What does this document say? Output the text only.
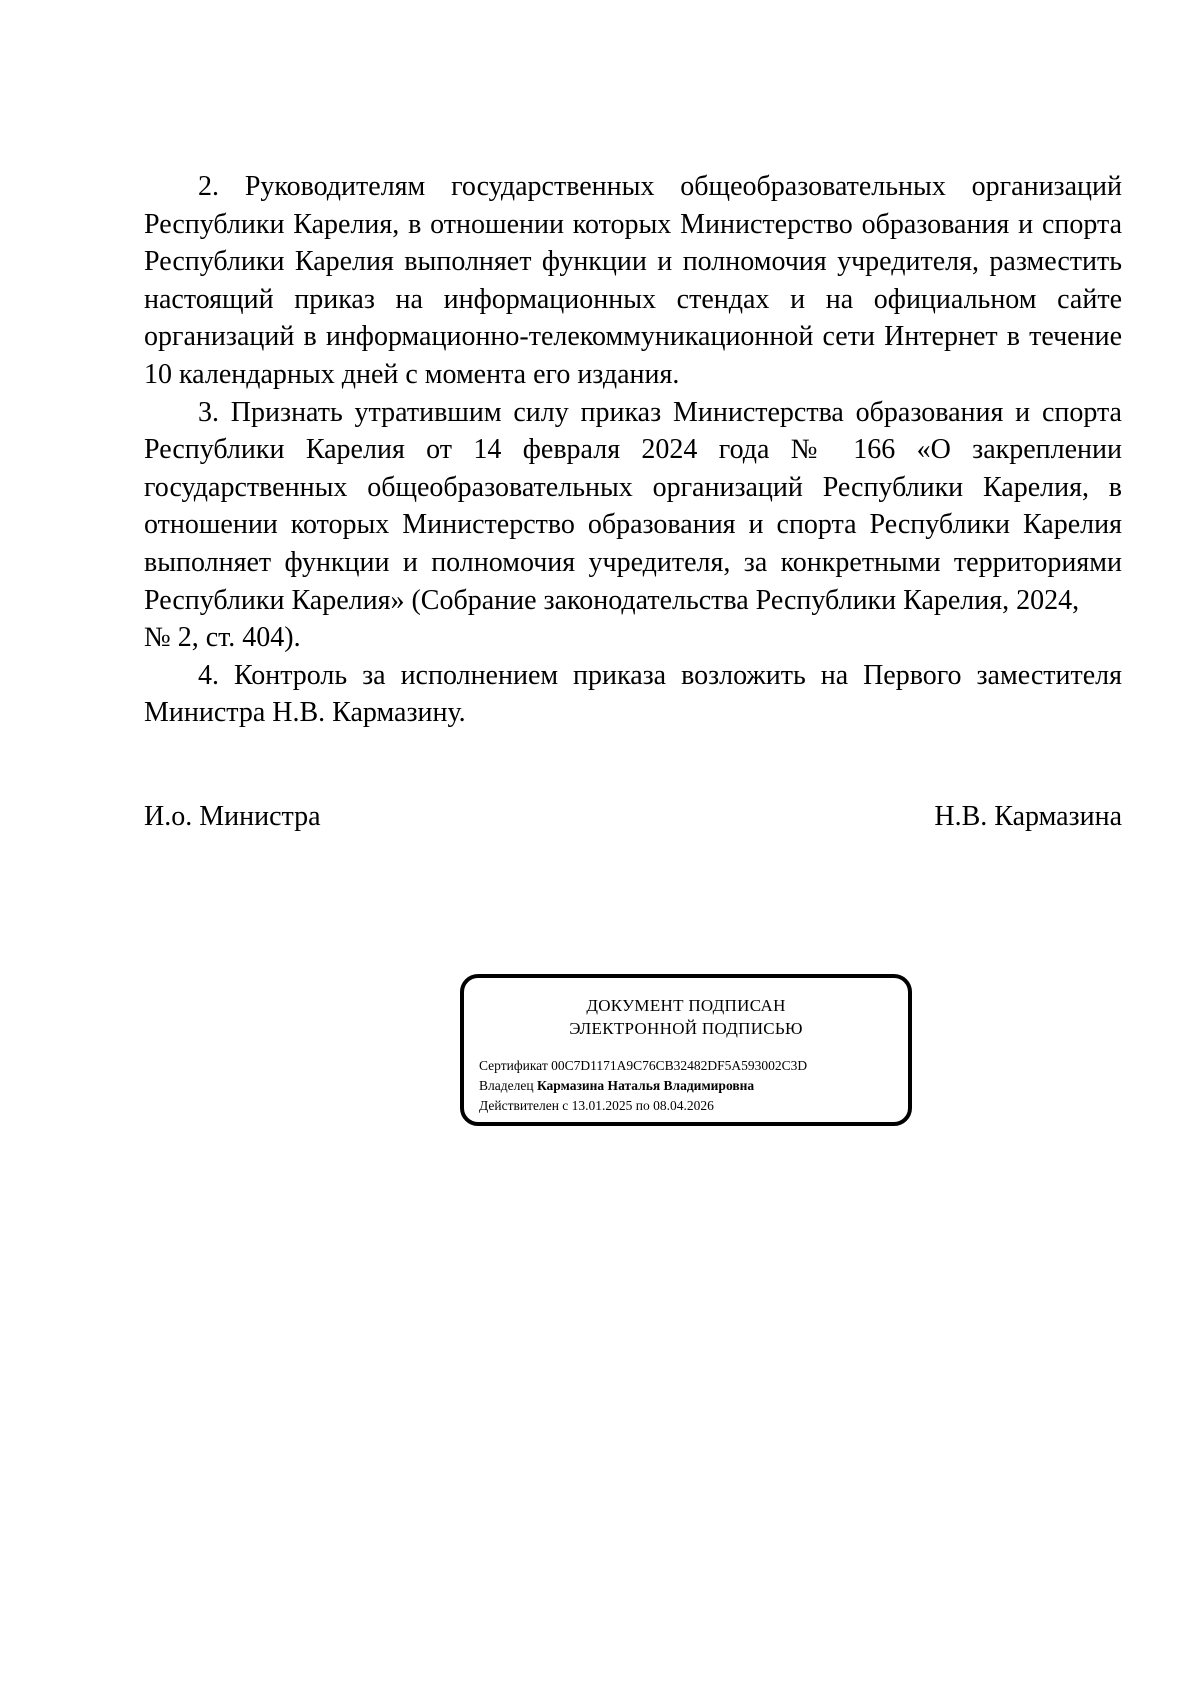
2. Руководителям государственных общеобразовательных организаций Республики Карелия, в отношении которых Министерство образования и спорта Республики Карелия выполняет функции и полномочия учредителя, разместить настоящий приказ на информационных стендах и на официальном сайте организаций в информационно-телекоммуникационной сети Интернет в течение 10 календарных дней с момента его издания.

3. Признать утратившим силу приказ Министерства образования и спорта Республики Карелия от 14 февраля 2024 года № 166 «О закреплении государственных общеобразовательных организаций Республики Карелия, в отношении которых Министерство образования и спорта Республики Карелия выполняет функции и полномочия учредителя, за конкретными территориями Республики Карелия» (Собрание законодательства Республики Карелия, 2024,
№ 2, ст. 404).

4. Контроль за исполнением приказа возложить на Первого заместителя Министра Н.В. Кармазину.

И.о. Министра	Н.В. Кармазина
ДОКУМЕНТ ПОДПИСАН
ЭЛЕКТРОННОЙ ПОДПИСЬЮ
Сертификат 00C7D1171A9C76CB32482DF5A593002C3D
Владелец Кармазина Наталья Владимировна
Действителен с 13.01.2025 по 08.04.2026
